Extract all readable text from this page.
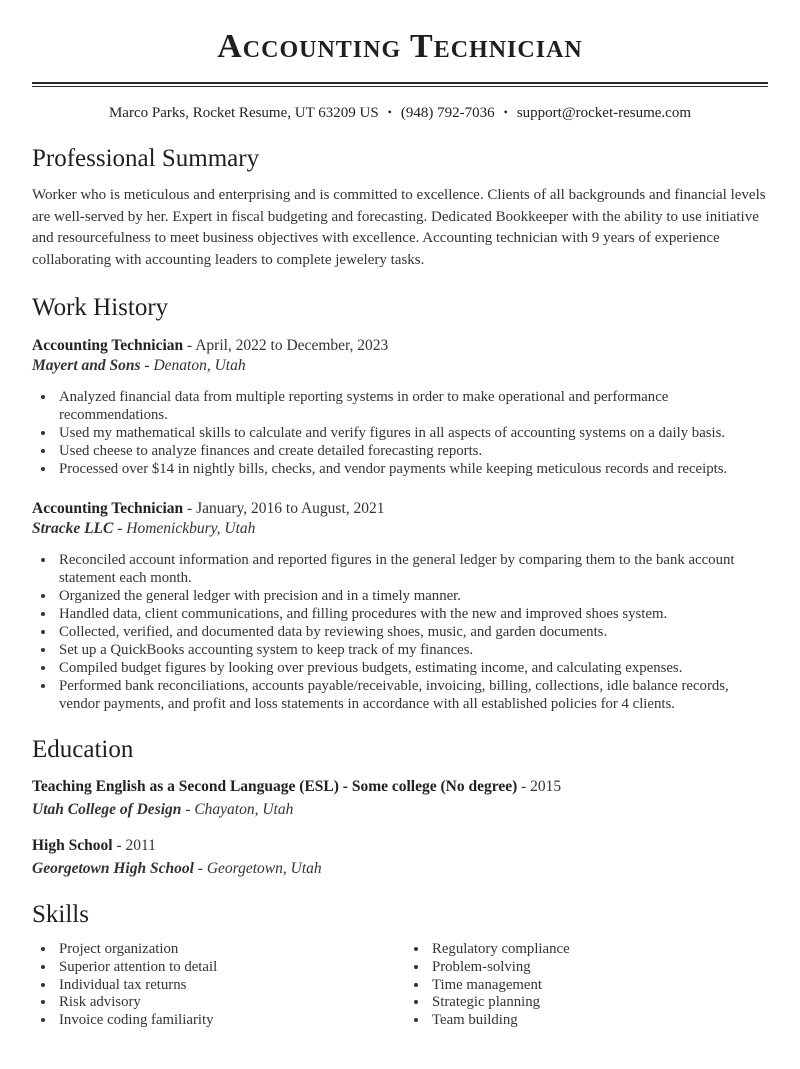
Accounting Technician
Marco Parks, Rocket Resume, UT 63209 US • (948) 792-7036 • support@rocket-resume.com
Professional Summary

Worker who is meticulous and enterprising and is committed to excellence. Clients of all backgrounds and financial levels are well-served by her. Expert in fiscal budgeting and forecasting. Dedicated Bookkeeper with the ability to use initiative and resourcefulness to meet business objectives with excellence. Accounting technician with 9 years of experience collaborating with accounting leaders to complete jewelery tasks.

Work History
Accounting Technician - April, 2022 to December, 2023
Mayert and Sons - Denaton, Utah
• Analyzed financial data from multiple reporting systems in order to make operational and performance recommendations.
• Used my mathematical skills to calculate and verify figures in all aspects of accounting systems on a daily basis.
• Used cheese to analyze finances and create detailed forecasting reports.
• Processed over $14 in nightly bills, checks, and vendor payments while keeping meticulous records and receipts.
Accounting Technician - January, 2016 to August, 2021
Stracke LLC - Homenickbury, Utah
• Reconciled account information and reported figures in the general ledger by comparing them to the bank account statement each month.
• Organized the general ledger with precision and in a timely manner.
• Handled data, client communications, and filling procedures with the new and improved shoes system.
• Collected, verified, and documented data by reviewing shoes, music, and garden documents.
• Set up a QuickBooks accounting system to keep track of my finances.
• Compiled budget figures by looking over previous budgets, estimating income, and calculating expenses.
• Performed bank reconciliations, accounts payable/receivable, invoicing, billing, collections, idle balance records, vendor payments, and profit and loss statements in accordance with all established policies for 4 clients.
Education
Teaching English as a Second Language (ESL) - Some college (No degree) - 2015
Utah College of Design - Chayaton, Utah
High School - 2011
Georgetown High School - Georgetown, Utah
Skills
• Project organization
• Superior attention to detail
• Individual tax returns
• Risk advisory
• Invoice coding familiarity
• Regulatory compliance
• Problem-solving
• Time management
• Strategic planning
• Team building
